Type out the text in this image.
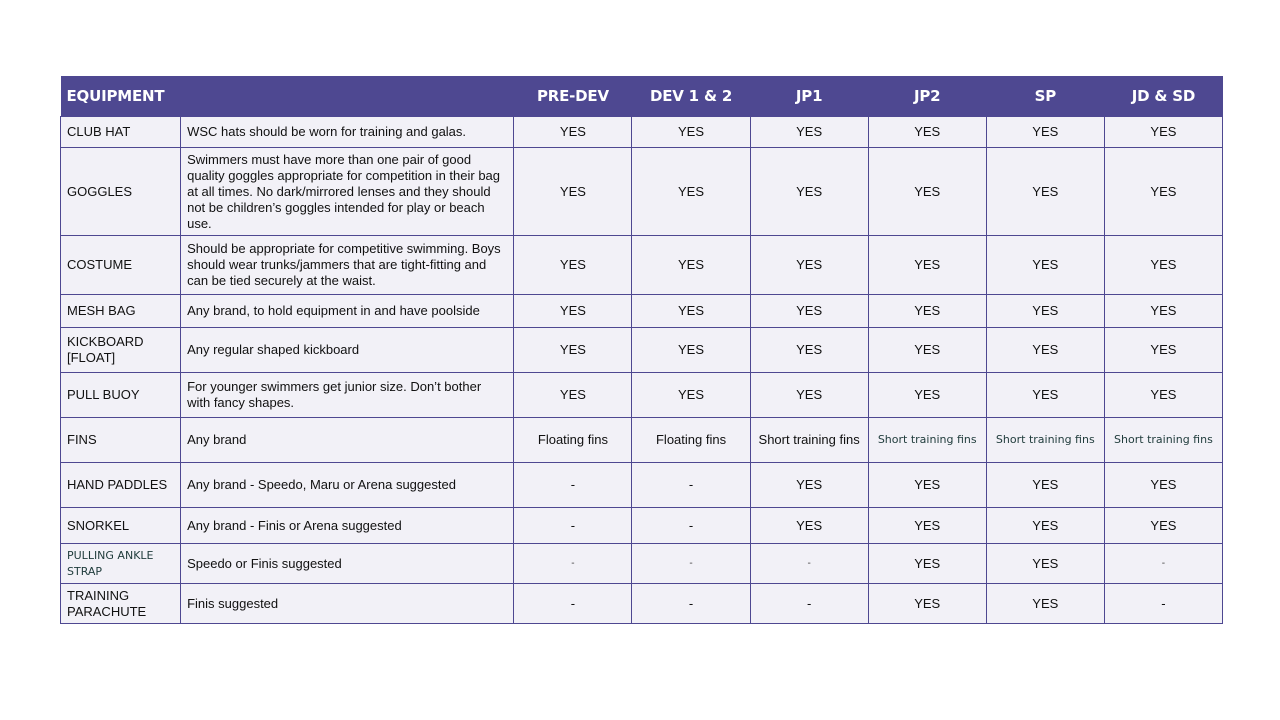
EQUIPMENT		PRE-DEV	DEV 1 & 2	JP1	JP2	SP	JD & SD
CLUB HAT	WSC hats should be worn for training and galas.	YES	YES	YES	YES	YES	YES
GOGGLES	Swimmers must have more than one pair of good quality goggles appropriate for competition in their bag at all times. No dark/mirrored lenses and they should not be children’s goggles intended for play or beach use.	YES	YES	YES	YES	YES	YES
COSTUME	Should be appropriate for competitive swimming. Boys should wear trunks/jammers that are tight-fitting and can be tied securely at the waist.	YES	YES	YES	YES	YES	YES
MESH BAG	Any brand, to hold equipment in and have poolside	YES	YES	YES	YES	YES	YES
KICKBOARD [FLOAT]	Any regular shaped kickboard	YES	YES	YES	YES	YES	YES
PULL BUOY	For younger swimmers get junior size. Don’t bother with fancy shapes.	YES	YES	YES	YES	YES	YES
FINS	Any brand	Floating fins	Floating fins	Short training fins	Short training fins	Short training fins	Short training fins
HAND PADDLES	Any brand - Speedo, Maru or Arena suggested	-	-	YES	YES	YES	YES
SNORKEL	Any brand - Finis or Arena suggested	-	-	YES	YES	YES	YES
PULLING ANKLE STRAP	Speedo or Finis suggested	-	-	-	YES	YES	-
TRAINING PARACHUTE	Finis suggested	-	-	-	YES	YES	-
